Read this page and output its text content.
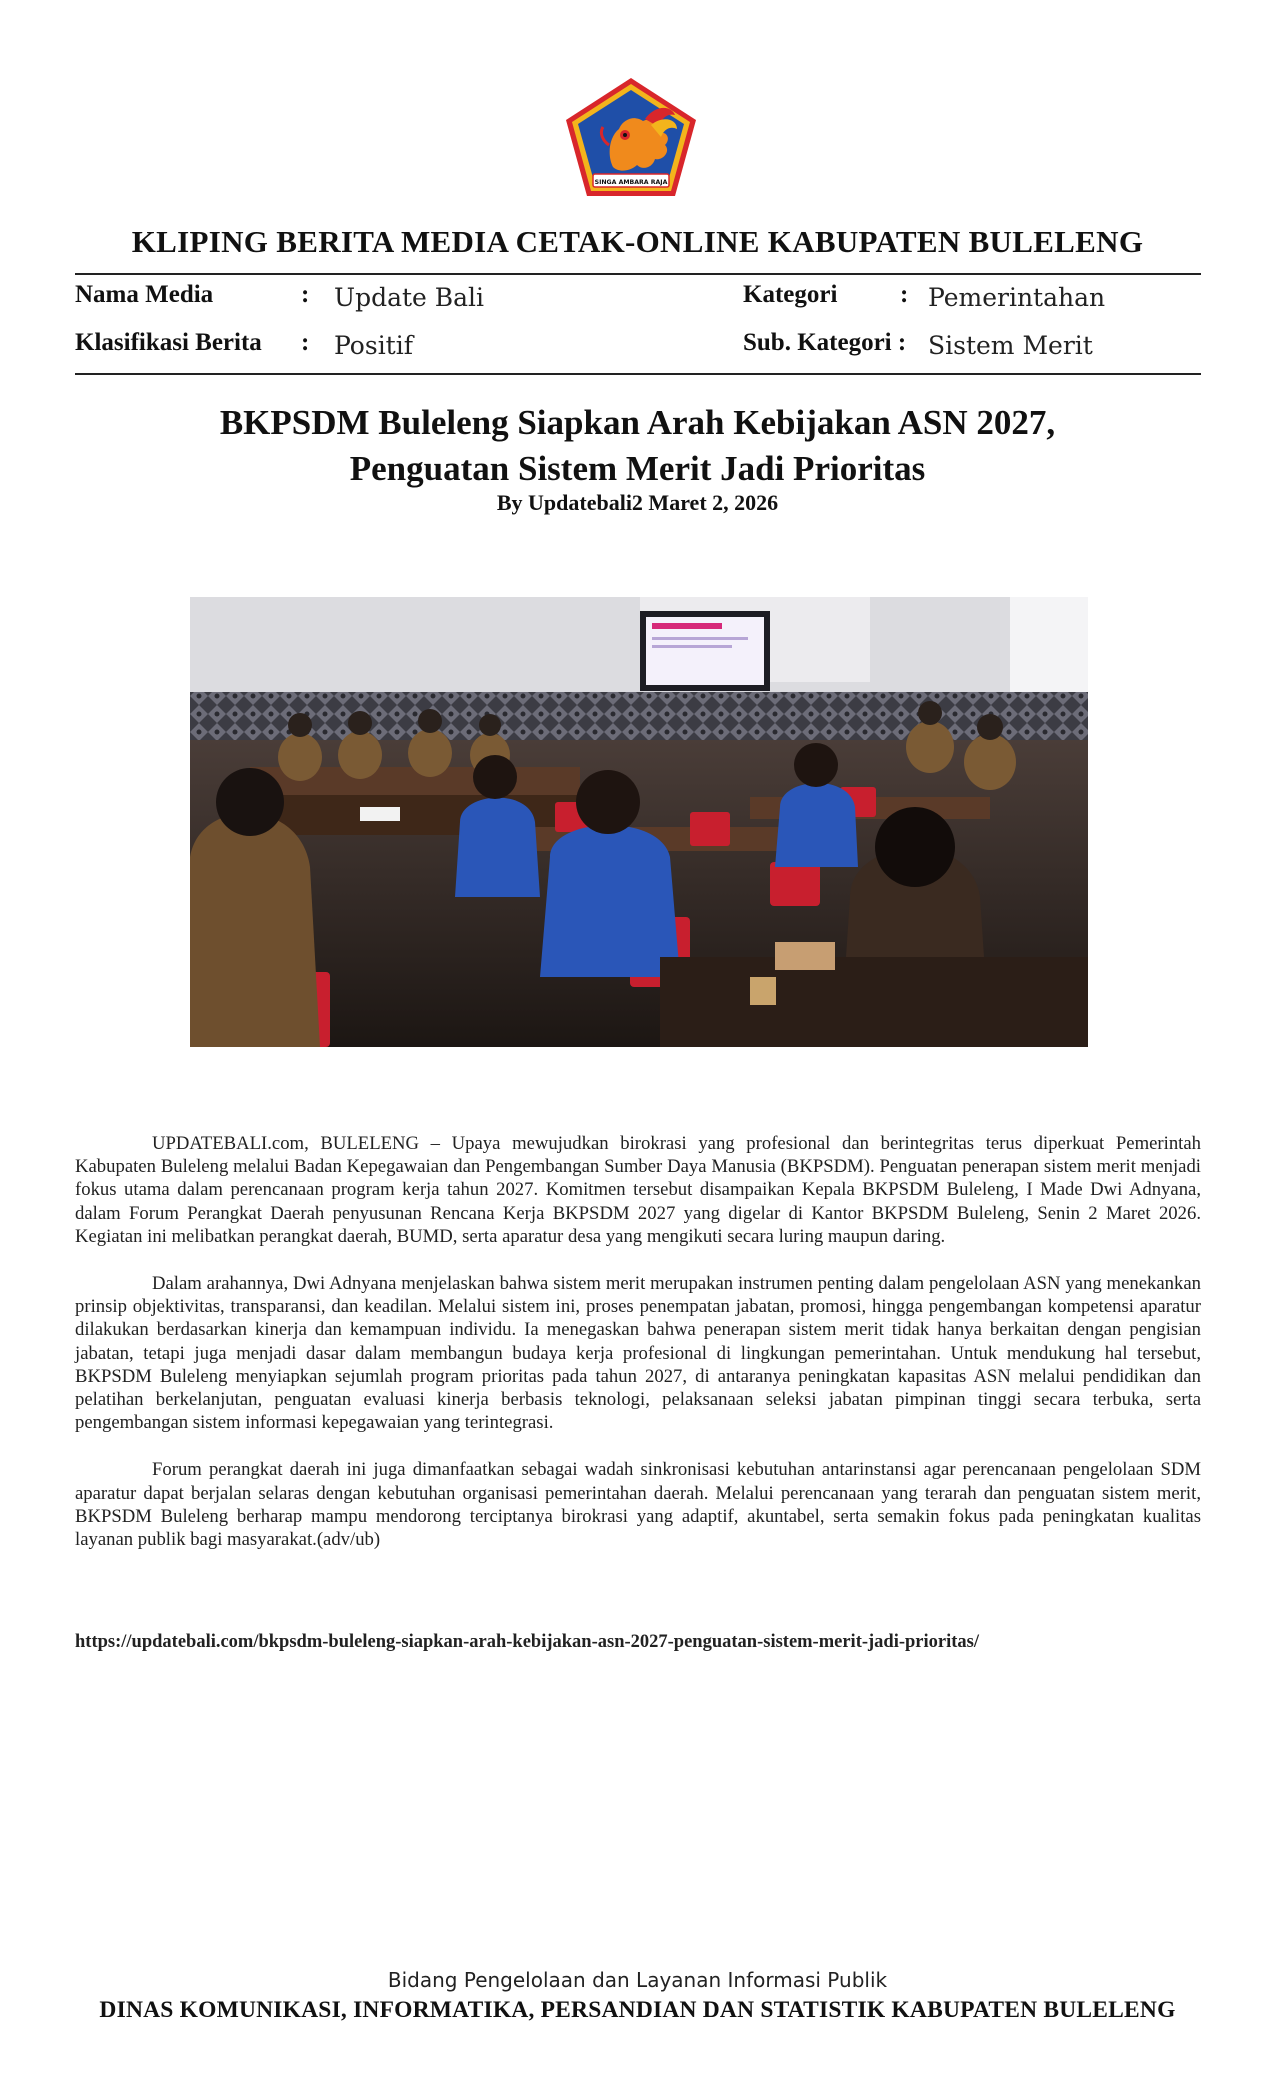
SINGA AMBARA RAJA
KLIPING BERITA MEDIA CETAK-ONLINE KABUPATEN BULELENG
Nama Media	: Update Bali
Klasifikasi Berita : Positif
Kategori	: Pemerintahan
Sub. Kategori : Sistem Merit
BKPSDM Buleleng Siapkan Arah Kebijakan ASN 2027,
Penguatan Sistem Merit Jadi Prioritas
By Updatebali2 Maret 2, 2026

UPDATEBALI.com, BULELENG – Upaya mewujudkan birokrasi yang profesional dan berintegritas terus diperkuat Pemerintah Kabupaten Buleleng melalui Badan Kepegawaian dan Pengembangan Sumber Daya Manusia (BKPSDM). Penguatan penerapan sistem merit menjadi fokus utama dalam perencanaan program kerja tahun 2027. Komitmen tersebut disampaikan Kepala BKPSDM Buleleng, I Made Dwi Adnyana, dalam Forum Perangkat Daerah penyusunan Rencana Kerja BKPSDM 2027 yang digelar di Kantor BKPSDM Buleleng, Senin 2 Maret 2026. Kegiatan ini melibatkan perangkat daerah, BUMD, serta aparatur desa yang mengikuti secara luring maupun daring.

Dalam arahannya, Dwi Adnyana menjelaskan bahwa sistem merit merupakan instrumen penting dalam pengelolaan ASN yang menekankan prinsip objektivitas, transparansi, dan keadilan. Melalui sistem ini, proses penempatan jabatan, promosi, hingga pengembangan kompetensi aparatur dilakukan berdasarkan kinerja dan kemampuan individu. Ia menegaskan bahwa penerapan sistem merit tidak hanya berkaitan dengan pengisian jabatan, tetapi juga menjadi dasar dalam membangun budaya kerja profesional di lingkungan pemerintahan. Untuk mendukung hal tersebut, BKPSDM Buleleng menyiapkan sejumlah program prioritas pada tahun 2027, di antaranya peningkatan kapasitas ASN melalui pendidikan dan pelatihan berkelanjutan, penguatan evaluasi kinerja berbasis teknologi, pelaksanaan seleksi jabatan pimpinan tinggi secara terbuka, serta pengembangan sistem informasi kepegawaian yang terintegrasi.

Forum perangkat daerah ini juga dimanfaatkan sebagai wadah sinkronisasi kebutuhan antarinstansi agar perencanaan pengelolaan SDM aparatur dapat berjalan selaras dengan kebutuhan organisasi pemerintahan daerah. Melalui perencanaan yang terarah dan penguatan sistem merit, BKPSDM Buleleng berharap mampu mendorong terciptanya birokrasi yang adaptif, akuntabel, serta semakin fokus pada peningkatan kualitas layanan publik bagi masyarakat.(adv/ub)

https://updatebali.com/bkpsdm-buleleng-siapkan-arah-kebijakan-asn-2027-penguatan-sistem-merit-jadi-prioritas/
Bidang Pengelolaan dan Layanan Informasi Publik
DINAS KOMUNIKASI, INFORMATIKA, PERSANDIAN DAN STATISTIK KABUPATEN BULELENG
